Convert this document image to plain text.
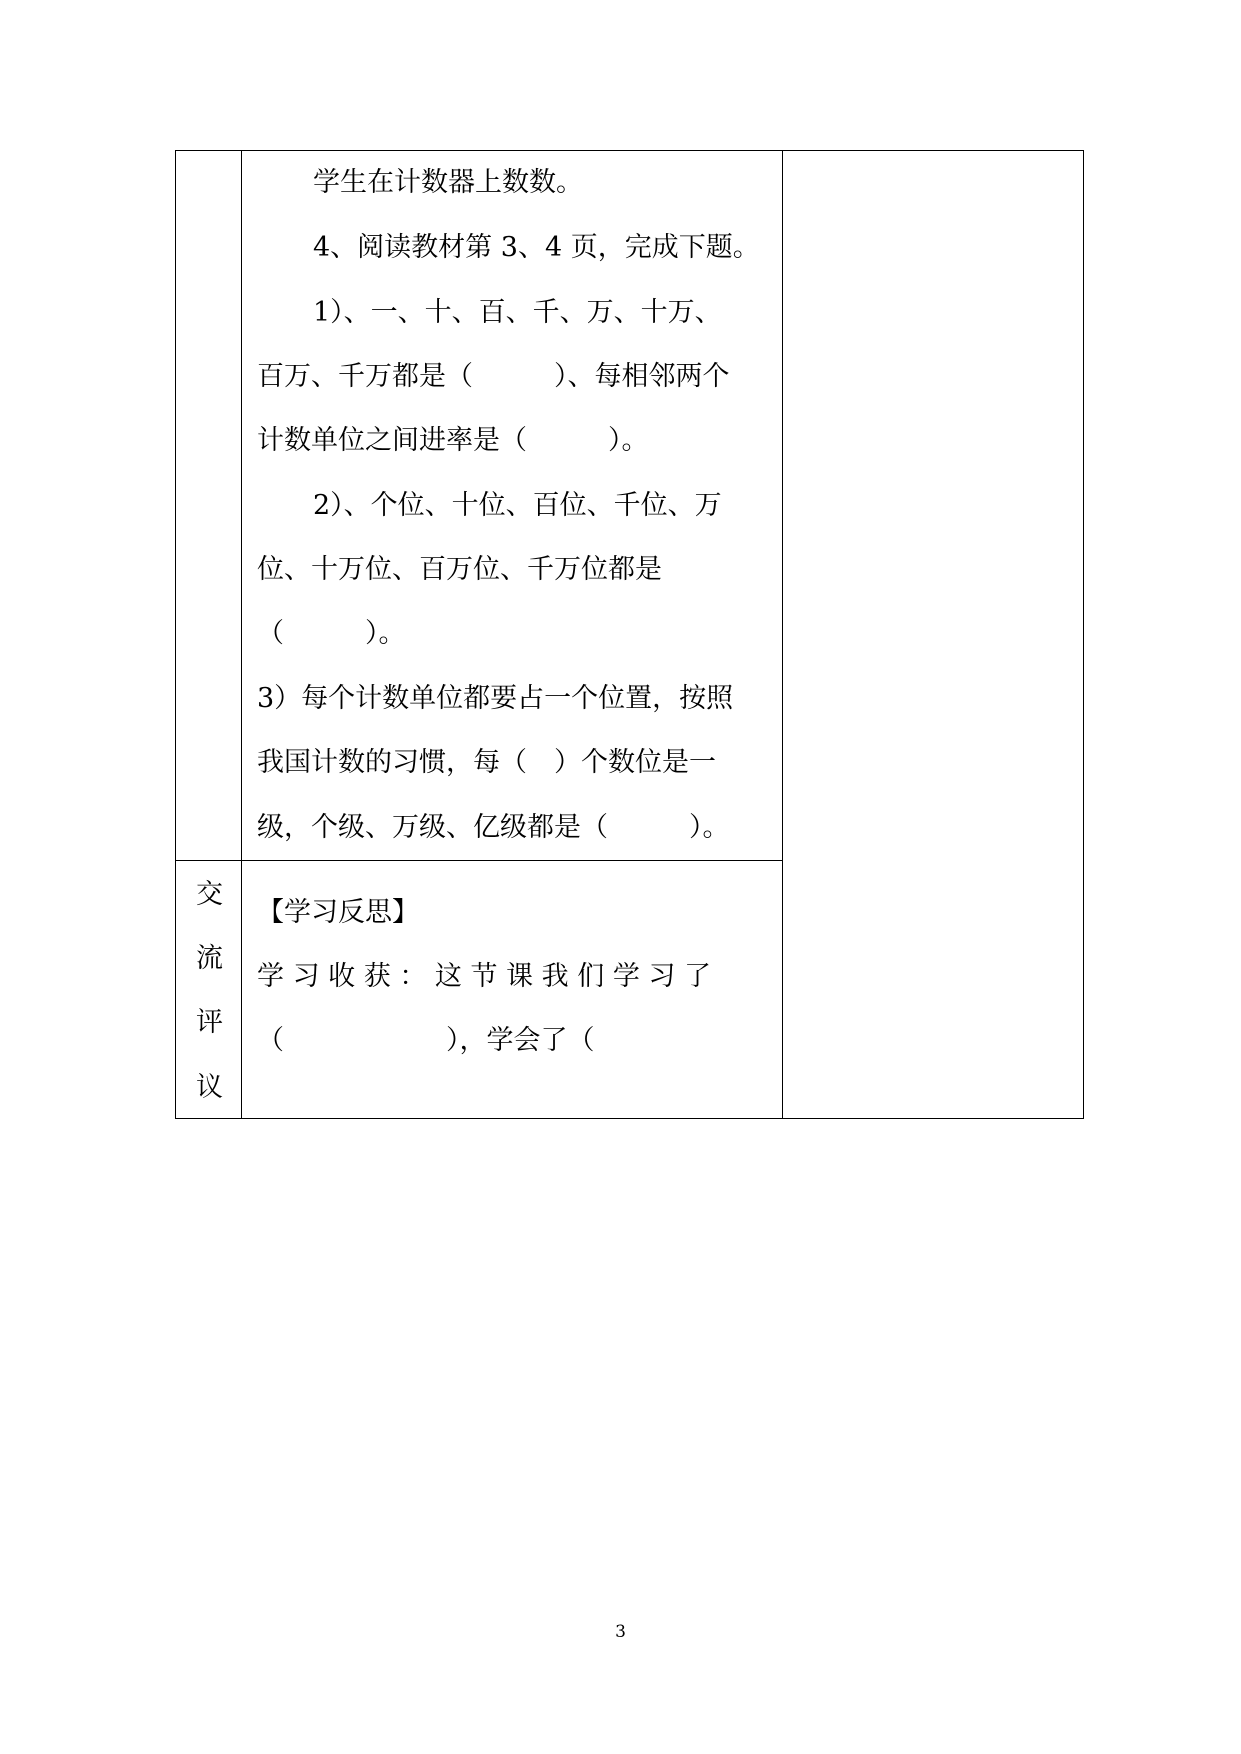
学生在计数器上数数。
4、阅读教材第 3、4 页，完成下题。
1）、一、十、百、千、万、十万、
百万、千万都是（　　　）、每相邻两个
计数单位之间进率是（　　　）。
2）、个位、十位、百位、千位、万
位、十万位、百万位、千万位都是
（　　　）。
3）每个计数单位都要占一个位置，按照
我国计数的习惯，每（　）个数位是一
级，个级、万级、亿级都是（　　　）。
交
流
评
议
【学习反思】
学 习 收 获 ： 这 节 课 我 们 学 习 了
（　　　　　　），学会了（
3
